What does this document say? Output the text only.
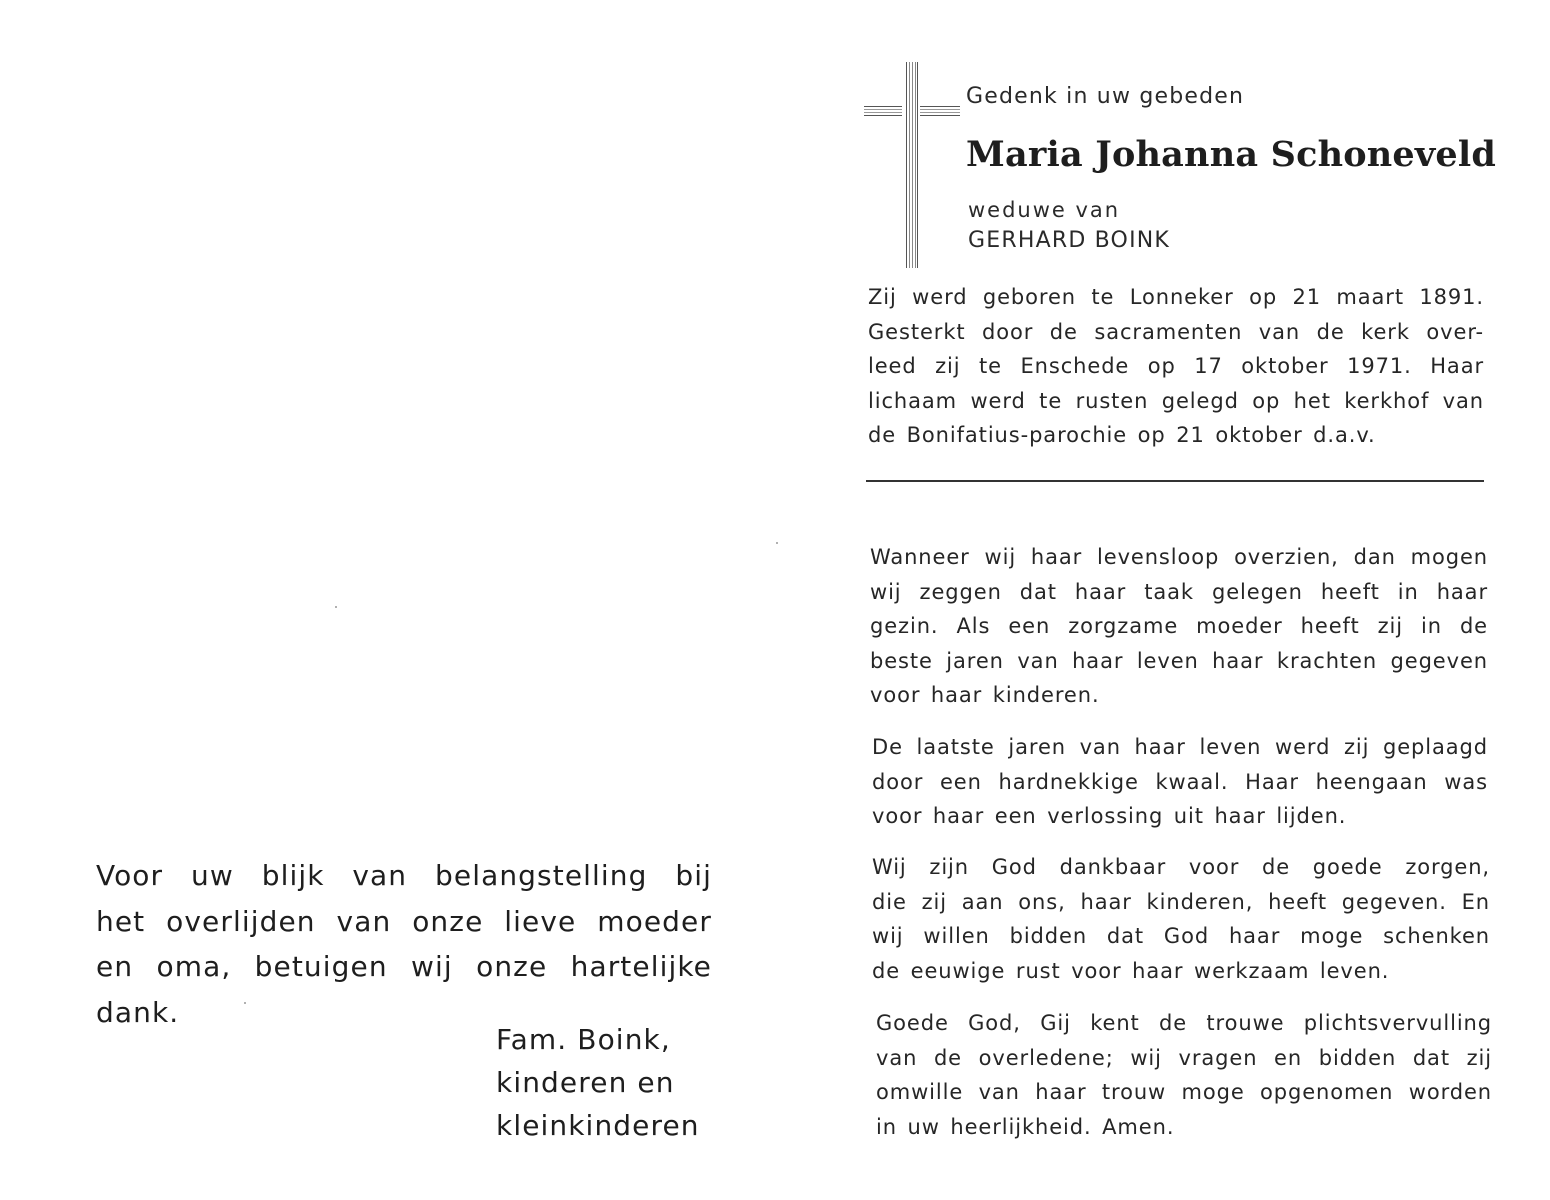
Voor uw blijk van belangstelling bij
het overlijden van onze lieve moeder
en oma, betuigen wij onze hartelijke
dank.
Fam. Boink,
kinderen en
kleinkinderen
Gedenk in uw gebeden
Maria Johanna Schoneveld
weduwe van
GERHARD BOINK
Zij werd geboren te Lonneker op 21 maart 1891.
Gesterkt door de sacramenten van de kerk over-
leed zij te Enschede op 17 oktober 1971. Haar
lichaam werd te rusten gelegd op het kerkhof van
de Bonifatius-parochie op 21 oktober d.a.v.
Wanneer wij haar levensloop overzien, dan mogen
wij zeggen dat haar taak gelegen heeft in haar
gezin. Als een zorgzame moeder heeft zij in de
beste jaren van haar leven haar krachten gegeven
voor haar kinderen.
De laatste jaren van haar leven werd zij geplaagd
door een hardnekkige kwaal. Haar heengaan was
voor haar een verlossing uit haar lijden.
Wij zijn God dankbaar voor de goede zorgen,
die zij aan ons, haar kinderen, heeft gegeven. En
wij willen bidden dat God haar moge schenken
de eeuwige rust voor haar werkzaam leven.
Goede God, Gij kent de trouwe plichtsvervulling
van de overledene; wij vragen en bidden dat zij
omwille van haar trouw moge opgenomen worden
in uw heerlijkheid. Amen.
